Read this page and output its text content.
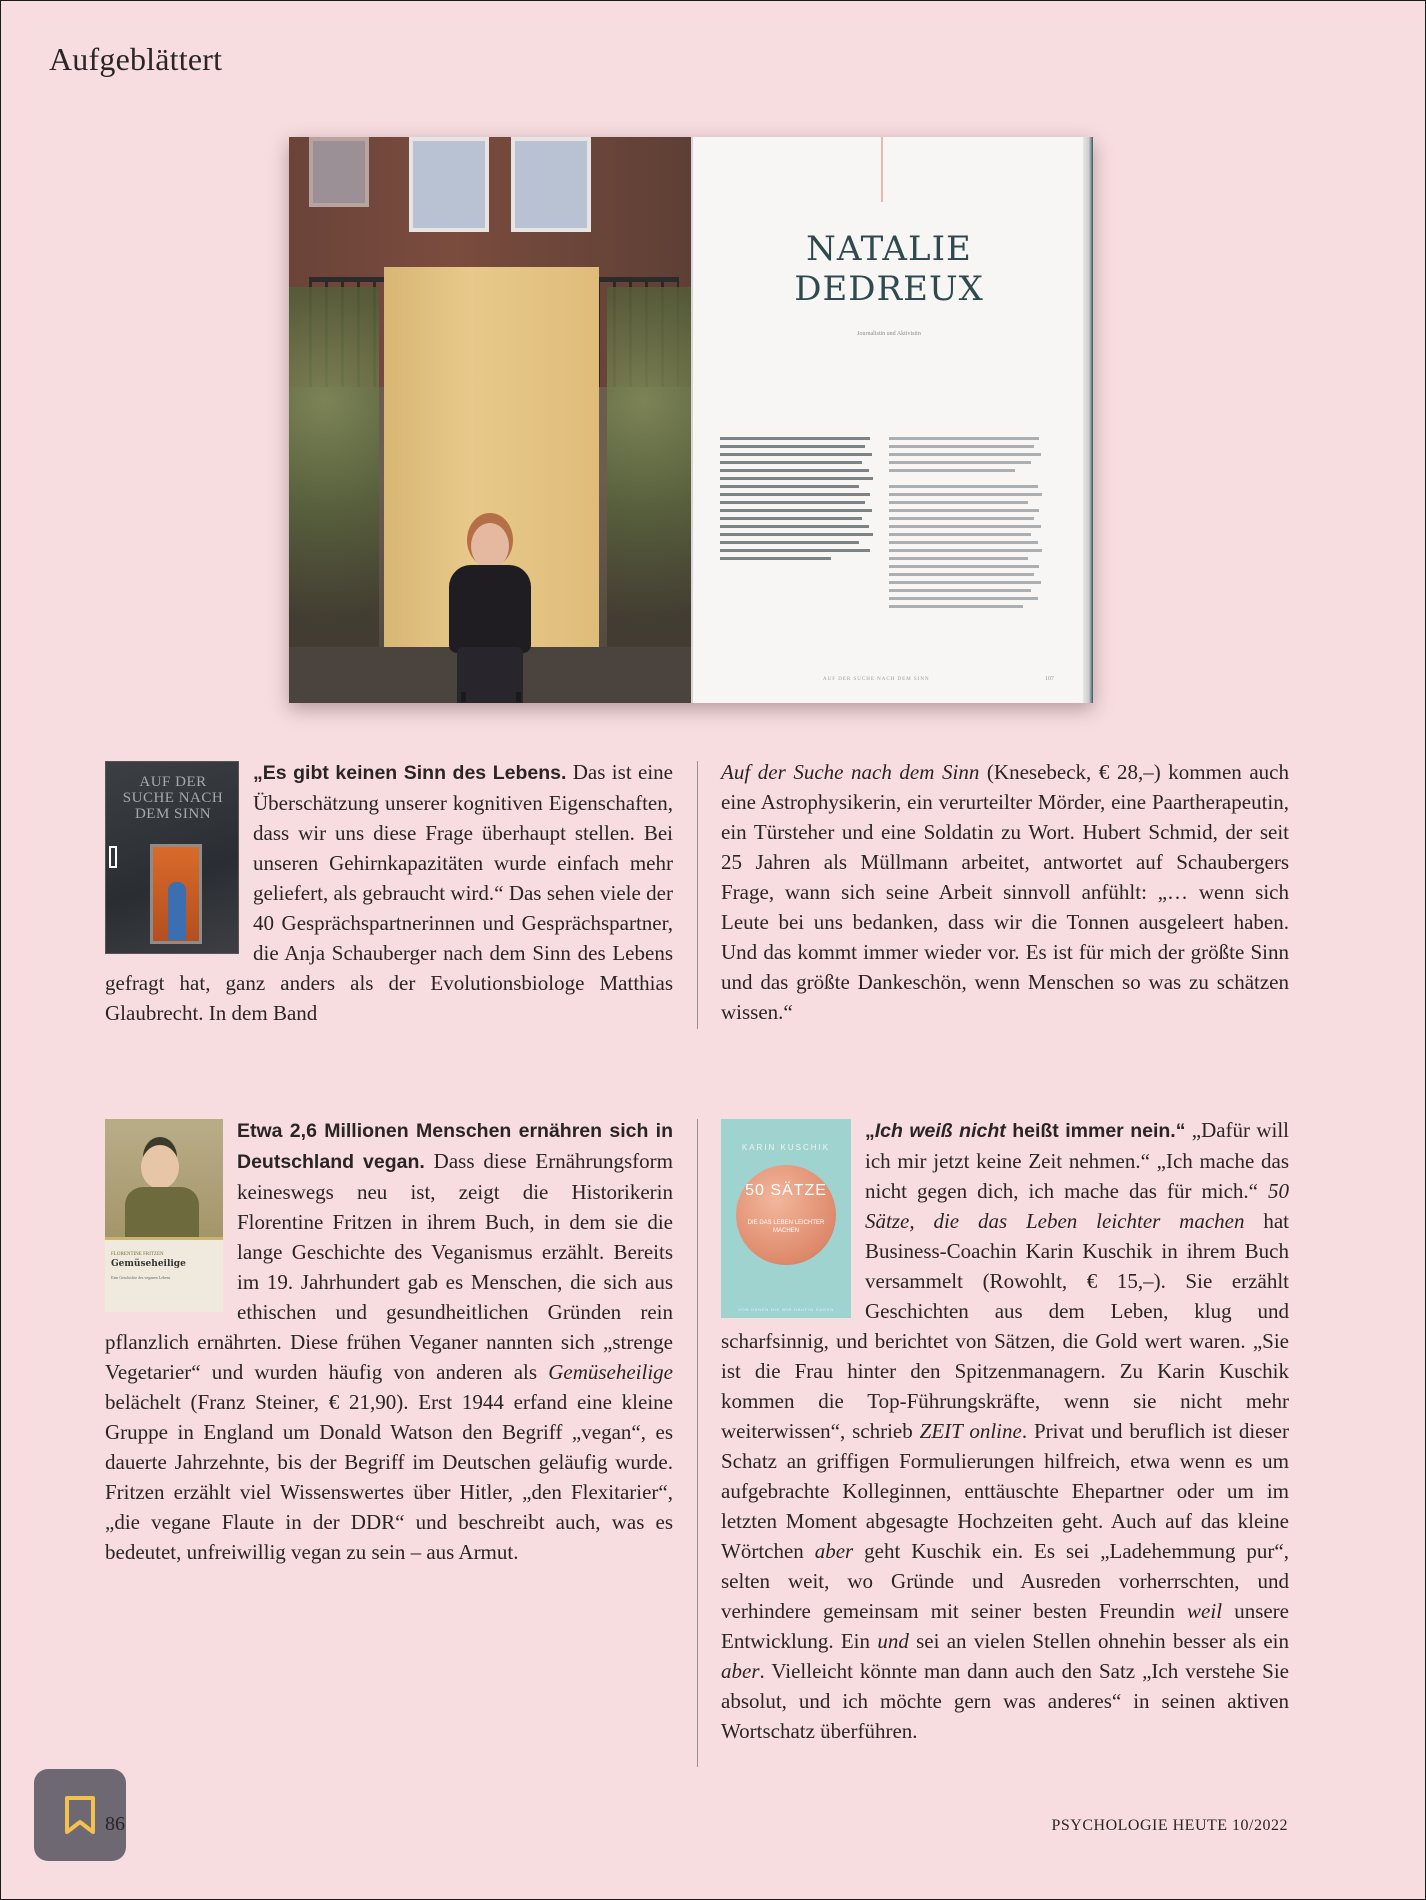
Aufgeblättert
NATALIE
DEDREUX
Journalistin und Aktivistin
AUF DER SUCHE NACH DEM SINN	107
AUF DER SUCHE NACH DEM SINN
„Es gibt keinen Sinn des Lebens. Das ist eine Überschätzung unserer kognitiven Eigenschaften, dass wir uns diese Frage überhaupt stellen. Bei unseren Gehirnkapazitäten wurde einfach mehr geliefert, als gebraucht wird.“ Das sehen viele der 40 Gesprächspartnerinnen und Gesprächspartner, die Anja Schauberger nach dem Sinn des Lebens gefragt hat, ganz anders als der Evolutionsbiologe Matthias Glaubrecht. In dem Band
Auf der Suche nach dem Sinn (Knesebeck, € 28,–) kommen auch eine Astrophysikerin, ein verurteilter Mörder, eine Paartherapeutin, ein Türsteher und eine Soldatin zu Wort. Hubert Schmid, der seit 25 Jahren als Müllmann arbeitet, antwortet auf Schaubergers Frage, wann sich seine Arbeit sinnvoll anfühlt: „… wenn sich Leute bei uns bedanken, dass wir die Tonnen ausgeleert haben. Und das kommt immer wieder vor. Es ist für mich der größte Sinn und das größte Dankeschön, wenn Menschen so was zu schätzen wissen.“
FLORENTINE FRITZEN
Gemüseheilige
Eine Geschichte des veganen Lebens
Etwa 2,6 Millionen Menschen ernähren sich in Deutschland vegan. Dass diese Ernährungsform keineswegs neu ist, zeigt die Historikerin Florentine Fritzen in ihrem Buch, in dem sie die lange Geschichte des Veganismus erzählt. Bereits im 19. Jahrhundert gab es Menschen, die sich aus ethischen und gesundheitlichen Gründen rein pflanzlich ernährten. Diese frühen Veganer nannten sich „strenge Vegetarier“ und wurden häufig von anderen als Gemüseheilige belächelt (Franz Steiner, € 21,90). Erst 1944 erfand eine kleine Gruppe in England um Donald Watson den Begriff „vegan“, es dauerte Jahrzehnte, bis der Begriff im Deutschen geläufig wurde. Fritzen erzählt viel Wissenswertes über Hitler, „den Flexitarier“, „die vegane Flaute in der DDR“ und beschreibt auch, was es bedeutet, unfreiwillig vegan zu sein – aus Armut.
KARIN KUSCHIK
50 SÄTZE
DIE DAS LEBEN LEICHTER MACHEN
VON DENEN DIE WIR HÄUFIG SAGEN
„Ich weiß nicht heißt immer nein.“ „Dafür will ich mir jetzt keine Zeit nehmen.“ „Ich mache das nicht gegen dich, ich mache das für mich.“ 50 Sätze, die das Leben leichter machen hat Business-Coachin Karin Kuschik in ihrem Buch versammelt (Rowohlt, € 15,–). Sie erzählt Geschichten aus dem Leben, klug und scharfsinnig, und berichtet von Sätzen, die Gold wert waren. „Sie ist die Frau hinter den Spitzenmanagern. Zu Karin Kuschik kommen die Top-Führungskräfte, wenn sie nicht mehr weiterwissen“, schrieb ZEIT online. Privat und beruflich ist dieser Schatz an griffigen Formulierungen hilfreich, etwa wenn es um aufgebrachte Kolleginnen, enttäuschte Ehepartner oder um im letzten Moment abgesagte Hochzeiten geht. Auch auf das kleine Wörtchen aber geht Kuschik ein. Es sei „Ladehemmung pur“, selten weit, wo Gründe und Ausreden vorherrschten, und verhindere gemeinsam mit seiner besten Freundin weil unsere Entwicklung. Ein und sei an vielen Stellen ohnehin besser als ein aber. Vielleicht könnte man dann auch den Satz „Ich verstehe Sie absolut, und ich möchte gern was anderes“ in seinen aktiven Wortschatz überführen.
86	PSYCHOLOGIE HEUTE 10/2022
